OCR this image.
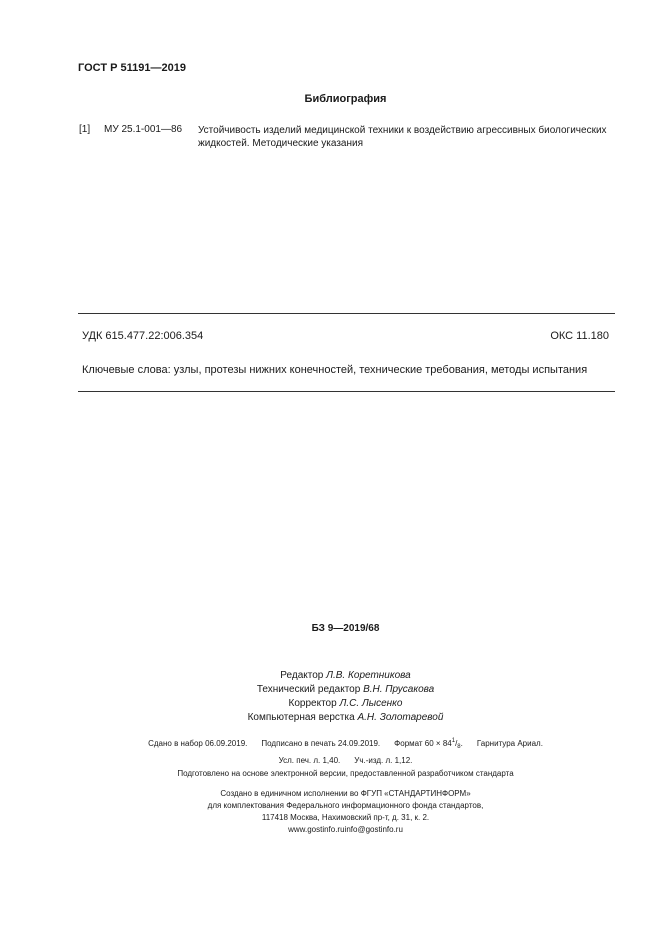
ГОСТ Р 51191—2019
Библиография
[1] МУ 25.1-001—86 Устойчивость изделий медицинской техники к воздействию агрессивных биологических жидкостей. Методические указания
УДК 615.477.22:006.354	ОКС 11.180
Ключевые слова: узлы, протезы нижних конечностей, технические требования, методы испытания
БЗ 9—2019/68
Редактор Л.В. Коретникова
Технический редактор В.Н. Прусакова
Корректор Л.С. Лысенко
Компьютерная верстка А.Н. Золотаревой
Сдано в набор 06.09.2019. Подписано в печать 24.09.2019. Формат $60 \times 84^1/_8$. Гарнитура Ариал.
Усл. печ. л. 1,40. Уч.-изд. л. 1,12.
Подготовлено на основе электронной версии, предоставленной разработчиком стандарта
Создано в единичном исполнении во ФГУП «СТАНДАРТИНФОРМ»
для комплектования Федерального информационного фонда стандартов,
117418 Москва, Нахимовский пр-т, д. 31, к. 2.
www.gostinfo.ruinfo@gostinfo.ru
